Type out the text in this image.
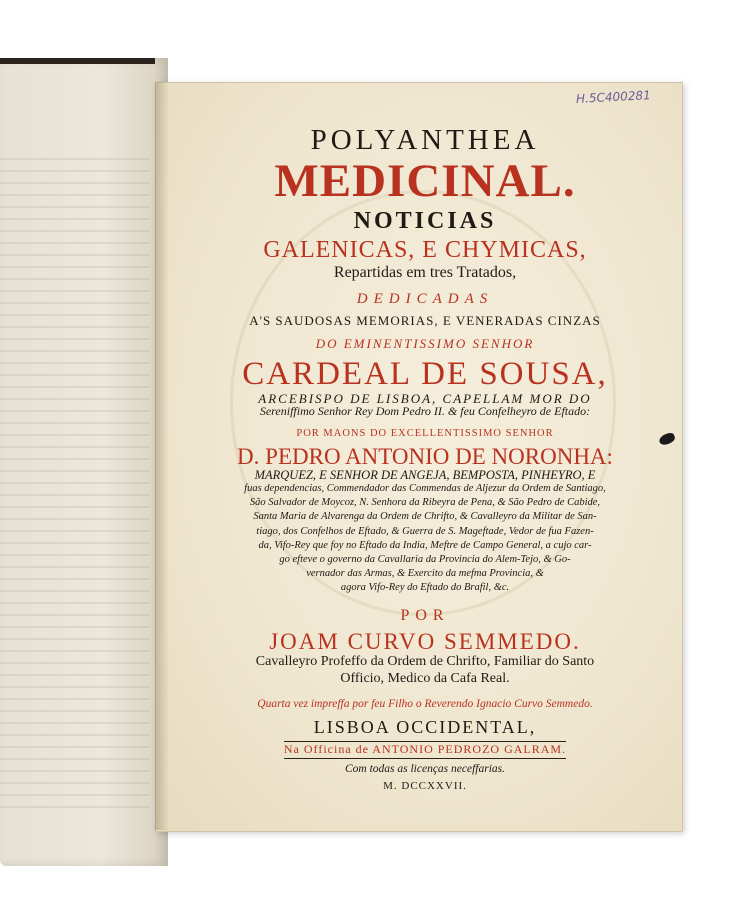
H.5C400281
POLYANTHEA
MEDICINAL.
NOTICIAS
GALENICAS, E CHYMICAS,
Repartidas em tres Tratados,
DEDICADAS
A'S SAUDOSAS MEMORIAS, E VENERADAS CINZAS
DO EMINENTISSIMO SENHOR
CARDEAL DE SOUSA,
ARCEBISPO DE LISBOA, CAPELLAM MOR DO
Sereniffimo Senhor Rey Dom Pedro II. & feu Confelheyro de Eftado:
POR MAONS DO EXCELLENTISSIMO SENHOR
D. PEDRO ANTONIO DE NORONHA:
MARQUEZ, E SENHOR DE ANGEJA, BEMPOSTA, PINHEYRO, E
fuas dependencias, Commendador das Commendas de Aljezur da Ordem de Santiago,
São Salvador de Moycoz, N. Senhora da Ribeyra de Pena, & São Pedro de Cabide,
Santa Maria de Alvarenga da Ordem de Chrifto, & Cavalleyro da Militar de San-
tiago, dos Confelhos de Eftado, & Guerra de S. Mageftade, Vedor de fua Fazen-
da, Vifo-Rey que foy no Eftado da India, Meftre de Campo General, a cujo car-
go efteve o governo da Cavallaria da Provincia do Alem-Tejo, & Go-
vernador das Armas, & Exercito da mefma Provincia, &
agora Vifo-Rey do Eftado do Brafil, &c.
POR
JOAM CURVO SEMMEDO.
Cavalleyro Profeffo da Ordem de Chrifto, Familiar do Santo
Officio, Medico da Cafa Real.
Quarta vez impreffa por feu Filho o Reverendo Ignacio Curvo Semmedo.
LISBOA OCCIDENTAL,
Na Officina de ANTONIO PEDROZO GALRAM.
Com todas as licenças neceffarias.
M. DCCXXVII.
